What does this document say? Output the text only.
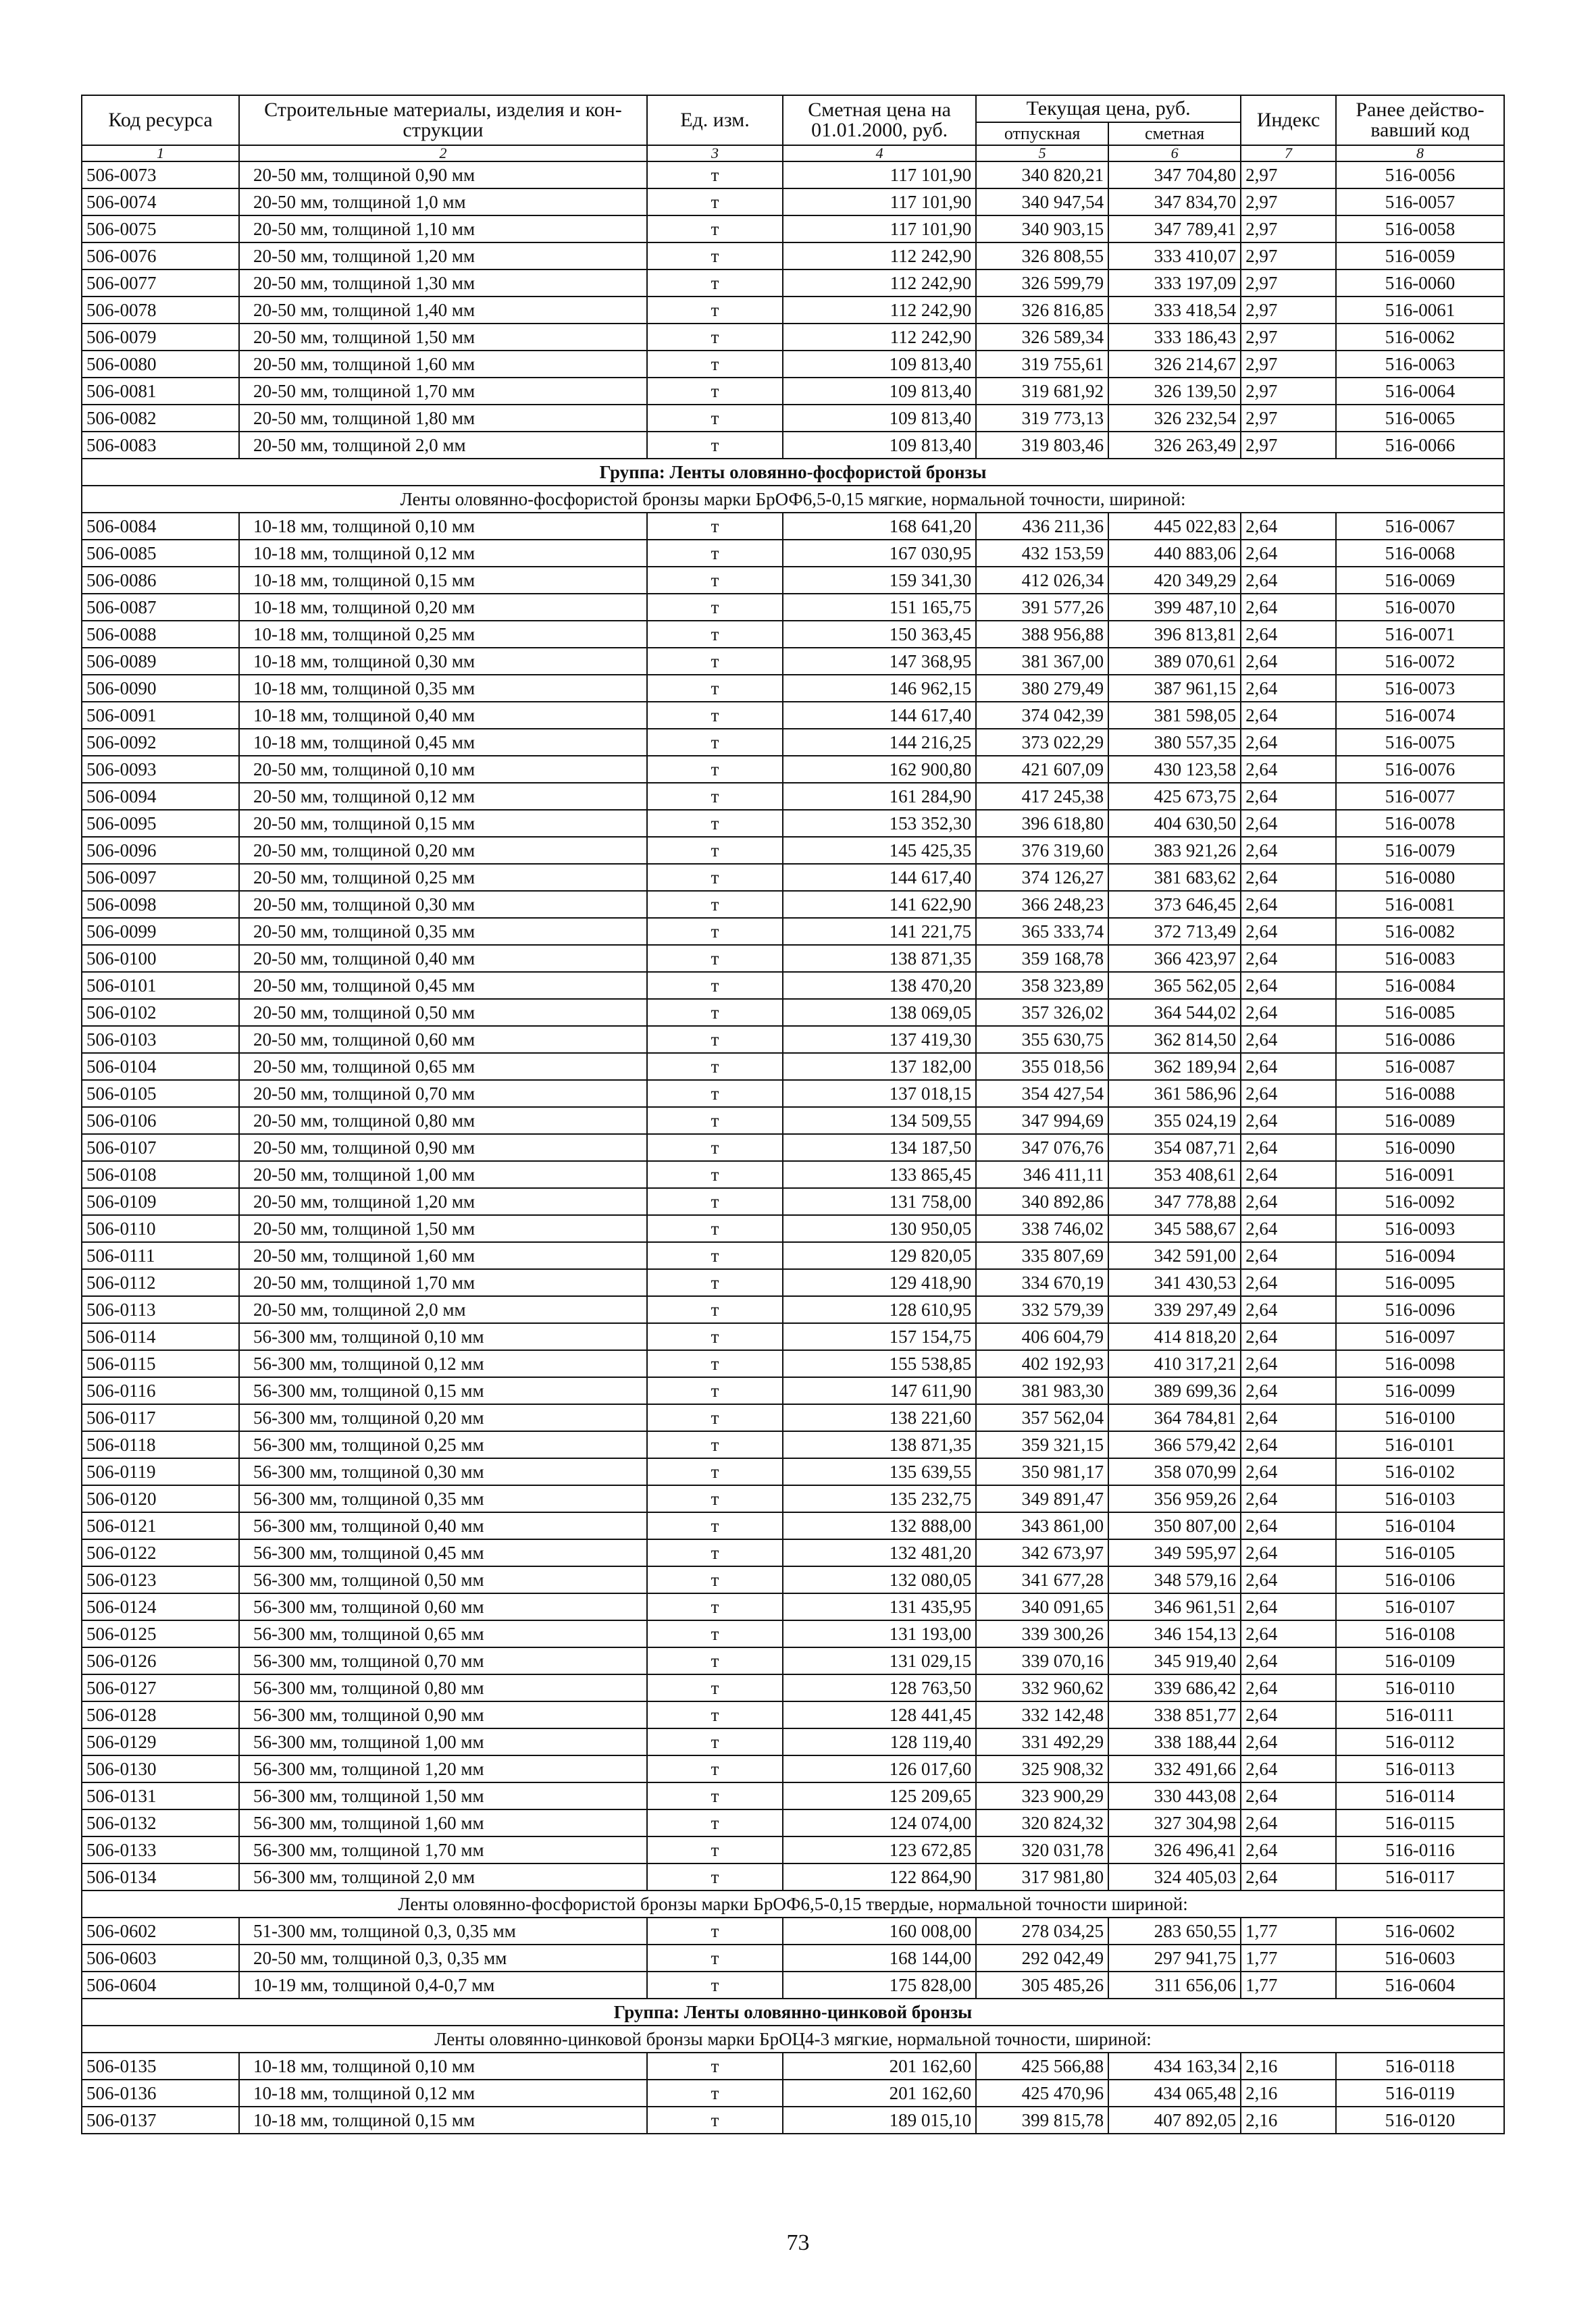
Код ресурса	Строительные материалы, изделия и кон-струкции	Ед. изм.	Сметная цена на 01.01.2000, руб.	Текущая цена, руб.		Индекс	Ранее действо-вавший код
				отпускная	сметная		
1	2	3	4	5	6	7	8
506-0073	20-50 мм, толщиной 0,90 мм	т	117 101,90	340 820,21	347 704,80	2,97	516-0056
506-0074	20-50 мм, толщиной 1,0 мм	т	117 101,90	340 947,54	347 834,70	2,97	516-0057
506-0075	20-50 мм, толщиной 1,10 мм	т	117 101,90	340 903,15	347 789,41	2,97	516-0058
506-0076	20-50 мм, толщиной 1,20 мм	т	112 242,90	326 808,55	333 410,07	2,97	516-0059
506-0077	20-50 мм, толщиной 1,30 мм	т	112 242,90	326 599,79	333 197,09	2,97	516-0060
506-0078	20-50 мм, толщиной 1,40 мм	т	112 242,90	326 816,85	333 418,54	2,97	516-0061
506-0079	20-50 мм, толщиной 1,50 мм	т	112 242,90	326 589,34	333 186,43	2,97	516-0062
506-0080	20-50 мм, толщиной 1,60 мм	т	109 813,40	319 755,61	326 214,67	2,97	516-0063
506-0081	20-50 мм, толщиной 1,70 мм	т	109 813,40	319 681,92	326 139,50	2,97	516-0064
506-0082	20-50 мм, толщиной 1,80 мм	т	109 813,40	319 773,13	326 232,54	2,97	516-0065
506-0083	20-50 мм, толщиной 2,0 мм	т	109 813,40	319 803,46	326 263,49	2,97	516-0066
Группа: Ленты оловянно-фосфористой бронзы							
Ленты оловянно-фосфористой бронзы марки БрОФ6,5-0,15 мягкие, нормальной точности, шириной:							
506-0084	10-18 мм, толщиной 0,10 мм	т	168 641,20	436 211,36	445 022,83	2,64	516-0067
506-0085	10-18 мм, толщиной 0,12 мм	т	167 030,95	432 153,59	440 883,06	2,64	516-0068
506-0086	10-18 мм, толщиной 0,15 мм	т	159 341,30	412 026,34	420 349,29	2,64	516-0069
506-0087	10-18 мм, толщиной 0,20 мм	т	151 165,75	391 577,26	399 487,10	2,64	516-0070
506-0088	10-18 мм, толщиной 0,25 мм	т	150 363,45	388 956,88	396 813,81	2,64	516-0071
506-0089	10-18 мм, толщиной 0,30 мм	т	147 368,95	381 367,00	389 070,61	2,64	516-0072
506-0090	10-18 мм, толщиной 0,35 мм	т	146 962,15	380 279,49	387 961,15	2,64	516-0073
506-0091	10-18 мм, толщиной 0,40 мм	т	144 617,40	374 042,39	381 598,05	2,64	516-0074
506-0092	10-18 мм, толщиной 0,45 мм	т	144 216,25	373 022,29	380 557,35	2,64	516-0075
506-0093	20-50 мм, толщиной 0,10 мм	т	162 900,80	421 607,09	430 123,58	2,64	516-0076
506-0094	20-50 мм, толщиной 0,12 мм	т	161 284,90	417 245,38	425 673,75	2,64	516-0077
506-0095	20-50 мм, толщиной 0,15 мм	т	153 352,30	396 618,80	404 630,50	2,64	516-0078
506-0096	20-50 мм, толщиной 0,20 мм	т	145 425,35	376 319,60	383 921,26	2,64	516-0079
506-0097	20-50 мм, толщиной 0,25 мм	т	144 617,40	374 126,27	381 683,62	2,64	516-0080
506-0098	20-50 мм, толщиной 0,30 мм	т	141 622,90	366 248,23	373 646,45	2,64	516-0081
506-0099	20-50 мм, толщиной 0,35 мм	т	141 221,75	365 333,74	372 713,49	2,64	516-0082
506-0100	20-50 мм, толщиной 0,40 мм	т	138 871,35	359 168,78	366 423,97	2,64	516-0083
506-0101	20-50 мм, толщиной 0,45 мм	т	138 470,20	358 323,89	365 562,05	2,64	516-0084
506-0102	20-50 мм, толщиной 0,50 мм	т	138 069,05	357 326,02	364 544,02	2,64	516-0085
506-0103	20-50 мм, толщиной 0,60 мм	т	137 419,30	355 630,75	362 814,50	2,64	516-0086
506-0104	20-50 мм, толщиной 0,65 мм	т	137 182,00	355 018,56	362 189,94	2,64	516-0087
506-0105	20-50 мм, толщиной 0,70 мм	т	137 018,15	354 427,54	361 586,96	2,64	516-0088
506-0106	20-50 мм, толщиной 0,80 мм	т	134 509,55	347 994,69	355 024,19	2,64	516-0089
506-0107	20-50 мм, толщиной 0,90 мм	т	134 187,50	347 076,76	354 087,71	2,64	516-0090
506-0108	20-50 мм, толщиной 1,00 мм	т	133 865,45	346 411,11	353 408,61	2,64	516-0091
506-0109	20-50 мм, толщиной 1,20 мм	т	131 758,00	340 892,86	347 778,88	2,64	516-0092
506-0110	20-50 мм, толщиной 1,50 мм	т	130 950,05	338 746,02	345 588,67	2,64	516-0093
506-0111	20-50 мм, толщиной 1,60 мм	т	129 820,05	335 807,69	342 591,00	2,64	516-0094
506-0112	20-50 мм, толщиной 1,70 мм	т	129 418,90	334 670,19	341 430,53	2,64	516-0095
506-0113	20-50 мм, толщиной 2,0 мм	т	128 610,95	332 579,39	339 297,49	2,64	516-0096
506-0114	56-300 мм, толщиной 0,10 мм	т	157 154,75	406 604,79	414 818,20	2,64	516-0097
506-0115	56-300 мм, толщиной 0,12 мм	т	155 538,85	402 192,93	410 317,21	2,64	516-0098
506-0116	56-300 мм, толщиной 0,15 мм	т	147 611,90	381 983,30	389 699,36	2,64	516-0099
506-0117	56-300 мм, толщиной 0,20 мм	т	138 221,60	357 562,04	364 784,81	2,64	516-0100
506-0118	56-300 мм, толщиной 0,25 мм	т	138 871,35	359 321,15	366 579,42	2,64	516-0101
506-0119	56-300 мм, толщиной 0,30 мм	т	135 639,55	350 981,17	358 070,99	2,64	516-0102
506-0120	56-300 мм, толщиной 0,35 мм	т	135 232,75	349 891,47	356 959,26	2,64	516-0103
506-0121	56-300 мм, толщиной 0,40 мм	т	132 888,00	343 861,00	350 807,00	2,64	516-0104
506-0122	56-300 мм, толщиной 0,45 мм	т	132 481,20	342 673,97	349 595,97	2,64	516-0105
506-0123	56-300 мм, толщиной 0,50 мм	т	132 080,05	341 677,28	348 579,16	2,64	516-0106
506-0124	56-300 мм, толщиной 0,60 мм	т	131 435,95	340 091,65	346 961,51	2,64	516-0107
506-0125	56-300 мм, толщиной 0,65 мм	т	131 193,00	339 300,26	346 154,13	2,64	516-0108
506-0126	56-300 мм, толщиной 0,70 мм	т	131 029,15	339 070,16	345 919,40	2,64	516-0109
506-0127	56-300 мм, толщиной 0,80 мм	т	128 763,50	332 960,62	339 686,42	2,64	516-0110
506-0128	56-300 мм, толщиной 0,90 мм	т	128 441,45	332 142,48	338 851,77	2,64	516-0111
506-0129	56-300 мм, толщиной 1,00 мм	т	128 119,40	331 492,29	338 188,44	2,64	516-0112
506-0130	56-300 мм, толщиной 1,20 мм	т	126 017,60	325 908,32	332 491,66	2,64	516-0113
506-0131	56-300 мм, толщиной 1,50 мм	т	125 209,65	323 900,29	330 443,08	2,64	516-0114
506-0132	56-300 мм, толщиной 1,60 мм	т	124 074,00	320 824,32	327 304,98	2,64	516-0115
506-0133	56-300 мм, толщиной 1,70 мм	т	123 672,85	320 031,78	326 496,41	2,64	516-0116
506-0134	56-300 мм, толщиной 2,0 мм	т	122 864,90	317 981,80	324 405,03	2,64	516-0117
Ленты оловянно-фосфористой бронзы марки БрОФ6,5-0,15 твердые, нормальной точности шириной:							
506-0602	51-300 мм, толщиной 0,3, 0,35 мм	т	160 008,00	278 034,25	283 650,55	1,77	516-0602
506-0603	20-50 мм, толщиной 0,3, 0,35 мм	т	168 144,00	292 042,49	297 941,75	1,77	516-0603
506-0604	10-19 мм, толщиной 0,4-0,7 мм	т	175 828,00	305 485,26	311 656,06	1,77	516-0604
Группа: Ленты оловянно-цинковой бронзы							
Ленты оловянно-цинковой бронзы марки БрОЦ4-3 мягкие, нормальной точности, шириной:							
506-0135	10-18 мм, толщиной 0,10 мм	т	201 162,60	425 566,88	434 163,34	2,16	516-0118
506-0136	10-18 мм, толщиной 0,12 мм	т	201 162,60	425 470,96	434 065,48	2,16	516-0119
506-0137	10-18 мм, толщиной 0,15 мм	т	189 015,10	399 815,78	407 892,05	2,16	516-0120
73
